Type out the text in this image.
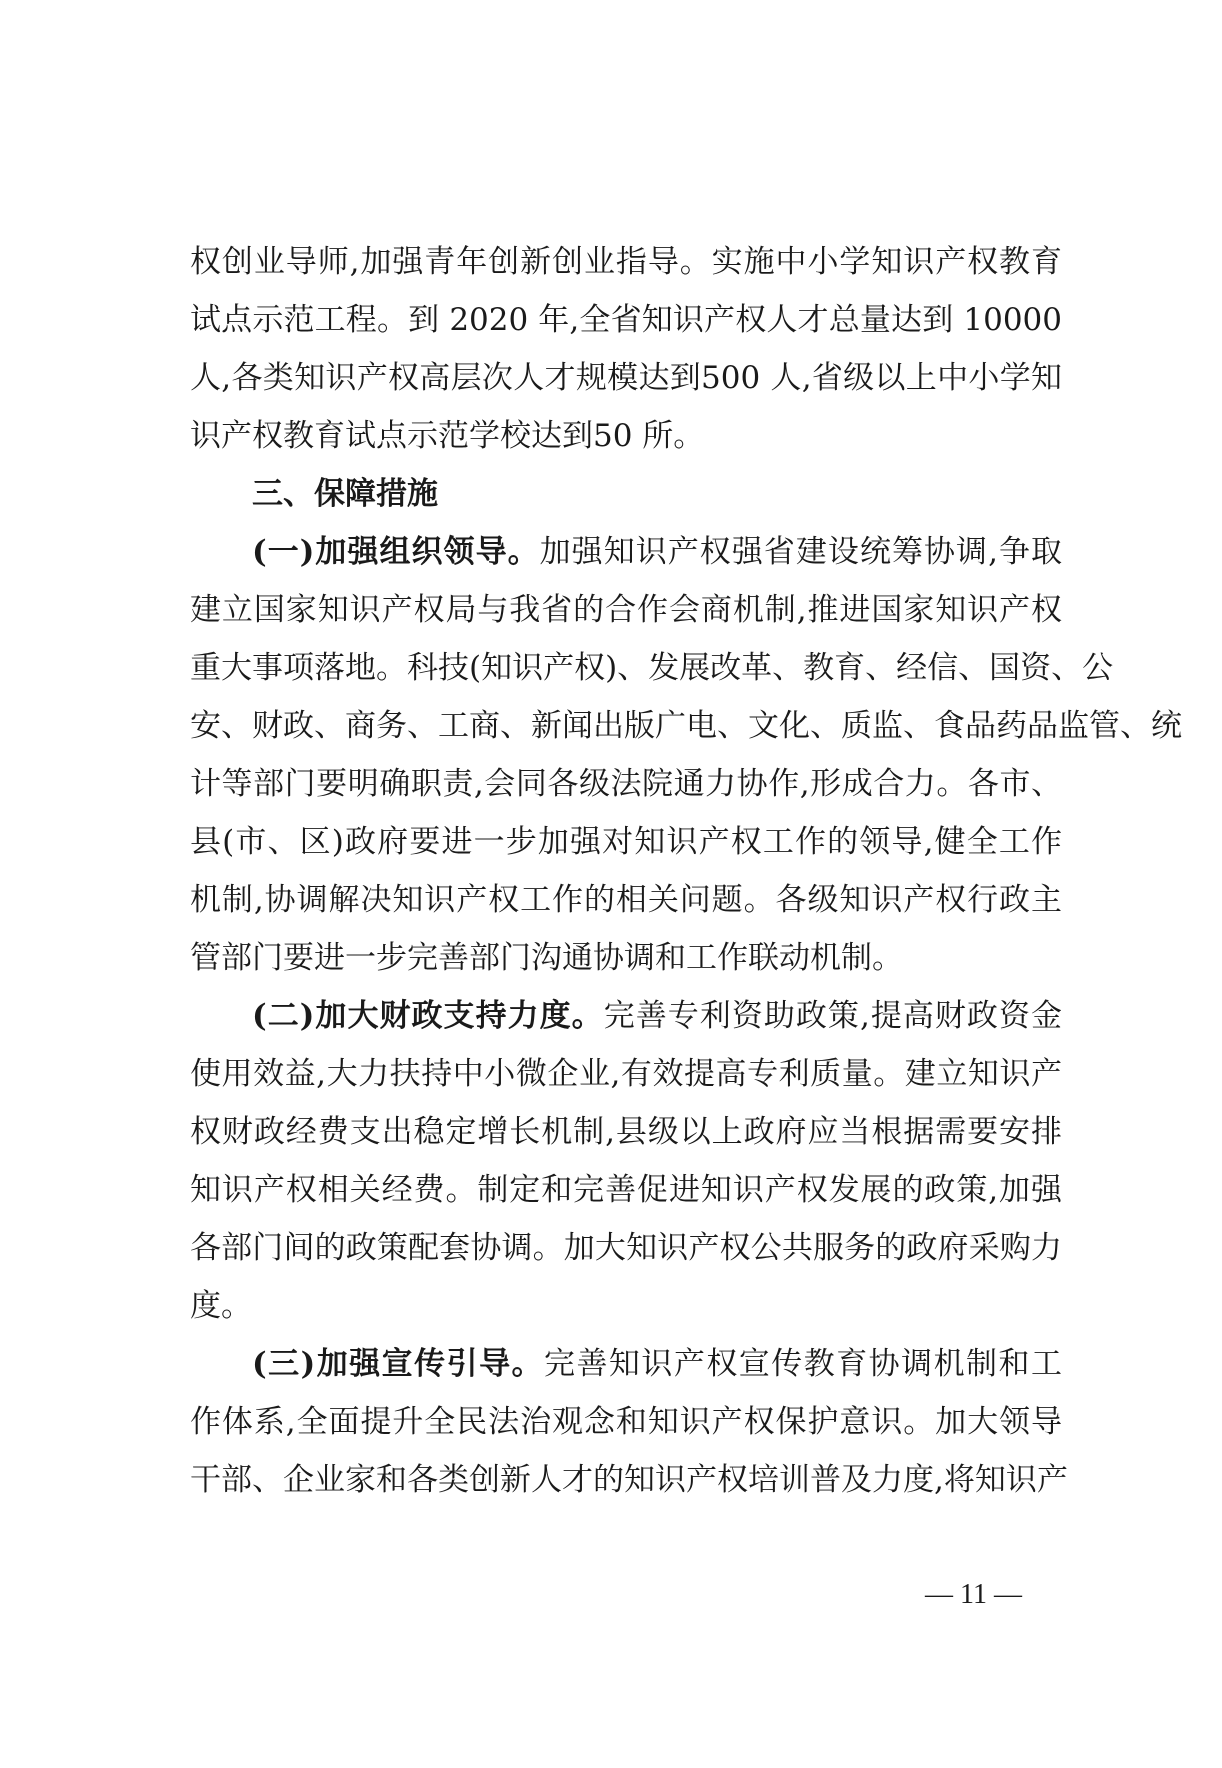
权创业导师,加强青年创新创业指导。实施中小学知识产权教育
试点示范工程。到 2020 年,全省知识产权人才总量达到 10000
人,各类知识产权高层次人才规模达到500 人,省级以上中小学知
识产权教育试点示范学校达到50 所。
三、保障措施
(一)加强组织领导。加强知识产权强省建设统筹协调,争取
建立国家知识产权局与我省的合作会商机制,推进国家知识产权
重大事项落地。科技(知识产权)、发展改革、教育、经信、国资、公
安、财政、商务、工商、新闻出版广电、文化、质监、食品药品监管、统
计等部门要明确职责,会同各级法院通力协作,形成合力。各市、
县(市、区)政府要进一步加强对知识产权工作的领导,健全工作
机制,协调解决知识产权工作的相关问题。各级知识产权行政主
管部门要进一步完善部门沟通协调和工作联动机制。
(二)加大财政支持力度。完善专利资助政策,提高财政资金
使用效益,大力扶持中小微企业,有效提高专利质量。建立知识产
权财政经费支出稳定增长机制,县级以上政府应当根据需要安排
知识产权相关经费。制定和完善促进知识产权发展的政策,加强
各部门间的政策配套协调。加大知识产权公共服务的政府采购力
度。
(三)加强宣传引导。完善知识产权宣传教育协调机制和工
作体系,全面提升全民法治观念和知识产权保护意识。加大领导
干部、企业家和各类创新人才的知识产权培训普及力度,将知识产
— 11 —
